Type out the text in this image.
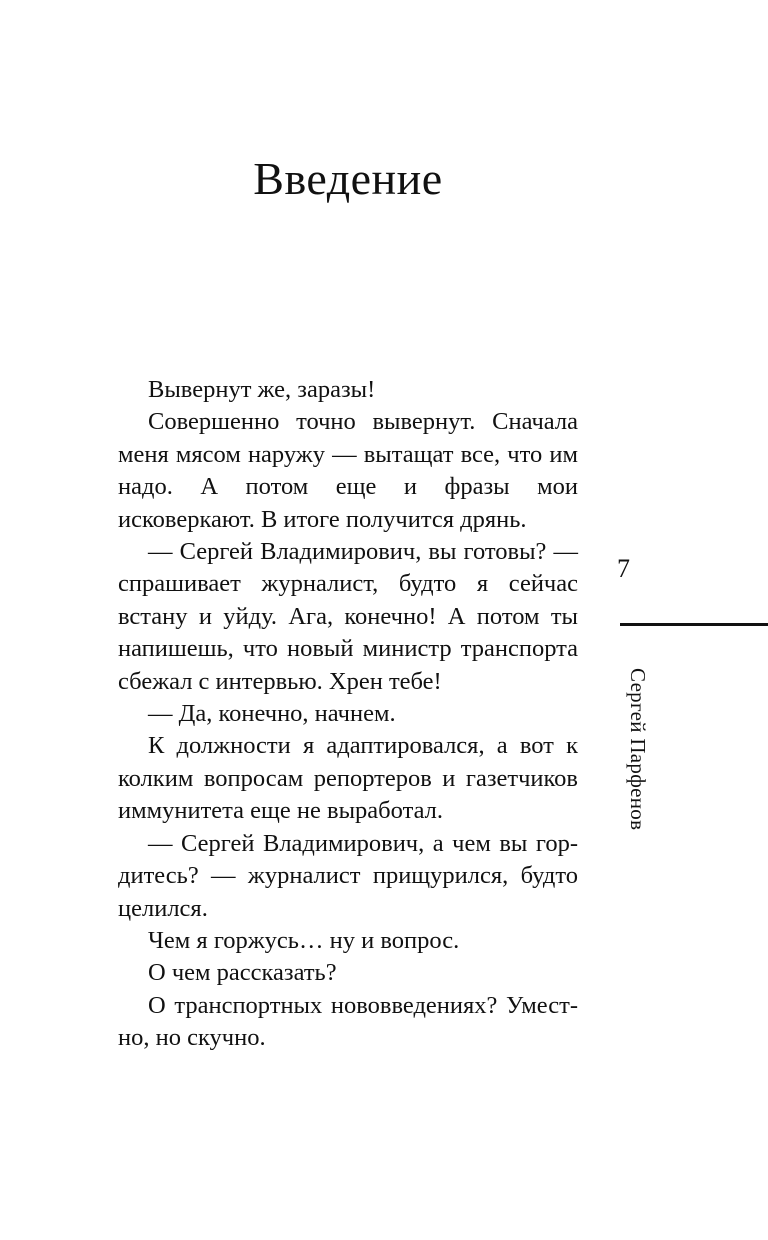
Введение

Вывернут же, заразы!

Совершенно точно вывернут. Сначала меня мясом наружу — вытащат все, что им надо. А потом еще и фразы мои исковеркают. В итоге получится дрянь.

— Сергей Владимирович, вы готовы? — спрашивает журналист, будто я сейчас встану и уйду. Ага, конечно! А потом ты напишешь, что новый министр транспорта сбежал с интервью. Хрен тебе!

— Да, конечно, начнем.

К должности я адаптировался, а вот к колким вопросам репортеров и газетчиков иммунитета еще не выработал.

— Сергей Владимирович, а чем вы гордитесь? — журналист прищурился, будто целился.

Чем я горжусь… ну и вопрос.

О чем рассказать?

О транспортных нововведениях? Уместно, но скучно.

7
Сергей Парфенов
